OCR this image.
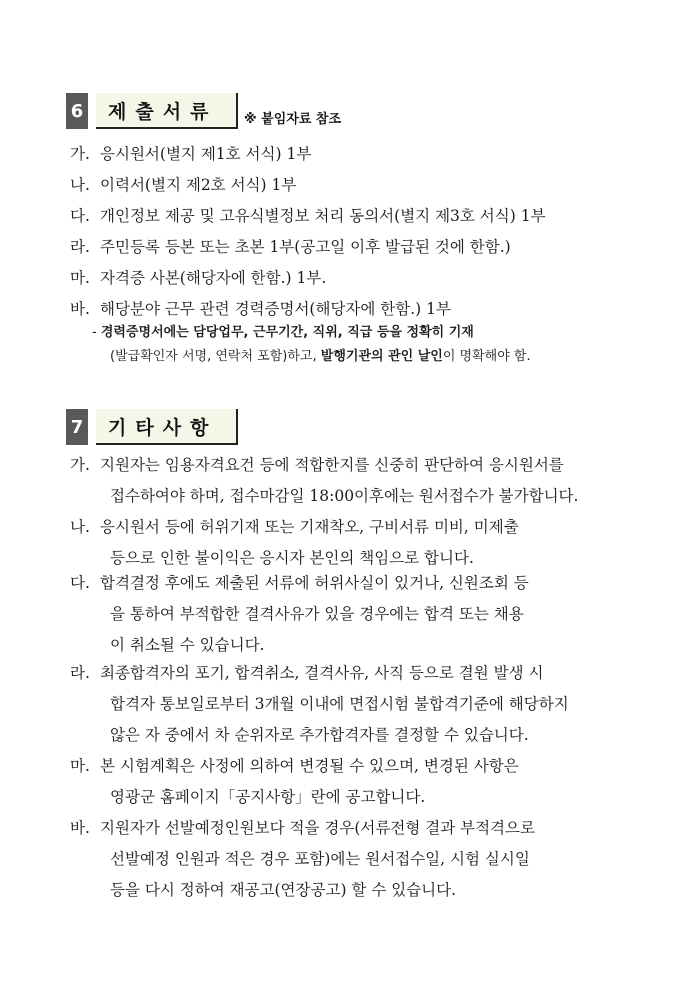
6	제출서류	※ 붙임자료 참조
가. 응시원서(별지 제1호 서식) 1부
나. 이력서(별지 제2호 서식) 1부
다. 개인정보 제공 및 고유식별정보 처리 동의서(별지 제3호 서식) 1부
라. 주민등록 등본 또는 초본 1부(공고일 이후 발급된 것에 한함.)
마. 자격증 사본(해당자에 한함.) 1부.
바. 해당분야 근무 관련 경력증명서(해당자에 한함.) 1부
- 경력증명서에는 담당업무, 근무기간, 직위, 직급 등을 정확히 기재
(발급확인자 서명, 연락처 포함)하고, 발행기관의 관인 날인이 명확해야 함.
7	기타사항
가. 지원자는 임용자격요건 등에 적합한지를 신중히 판단하여 응시원서를
접수하여야 하며, 접수마감일 18:00이후에는 원서접수가 불가합니다.
나. 응시원서 등에 허위기재 또는 기재착오, 구비서류 미비, 미제출
등으로 인한 불이익은 응시자 본인의 책임으로 합니다.
다. 합격결정 후에도 제출된 서류에 허위사실이 있거나, 신원조회 등
을 통하여 부적합한 결격사유가 있을 경우에는 합격 또는 채용
이 취소될 수 있습니다.
라. 최종합격자의 포기, 합격취소, 결격사유, 사직 등으로 결원 발생 시
합격자 통보일로부터 3개월 이내에 면접시험 불합격기준에 해당하지
않은 자 중에서 차 순위자로 추가합격자를 결정할 수 있습니다.
마. 본 시험계획은 사정에 의하여 변경될 수 있으며, 변경된 사항은
영광군 홈페이지「공지사항」란에 공고합니다.
바. 지원자가 선발예정인원보다 적을 경우(서류전형 결과 부적격으로
선발예정 인원과 적은 경우 포함)에는 원서접수일, 시험 실시일
등을 다시 정하여 재공고(연장공고) 할 수 있습니다.
